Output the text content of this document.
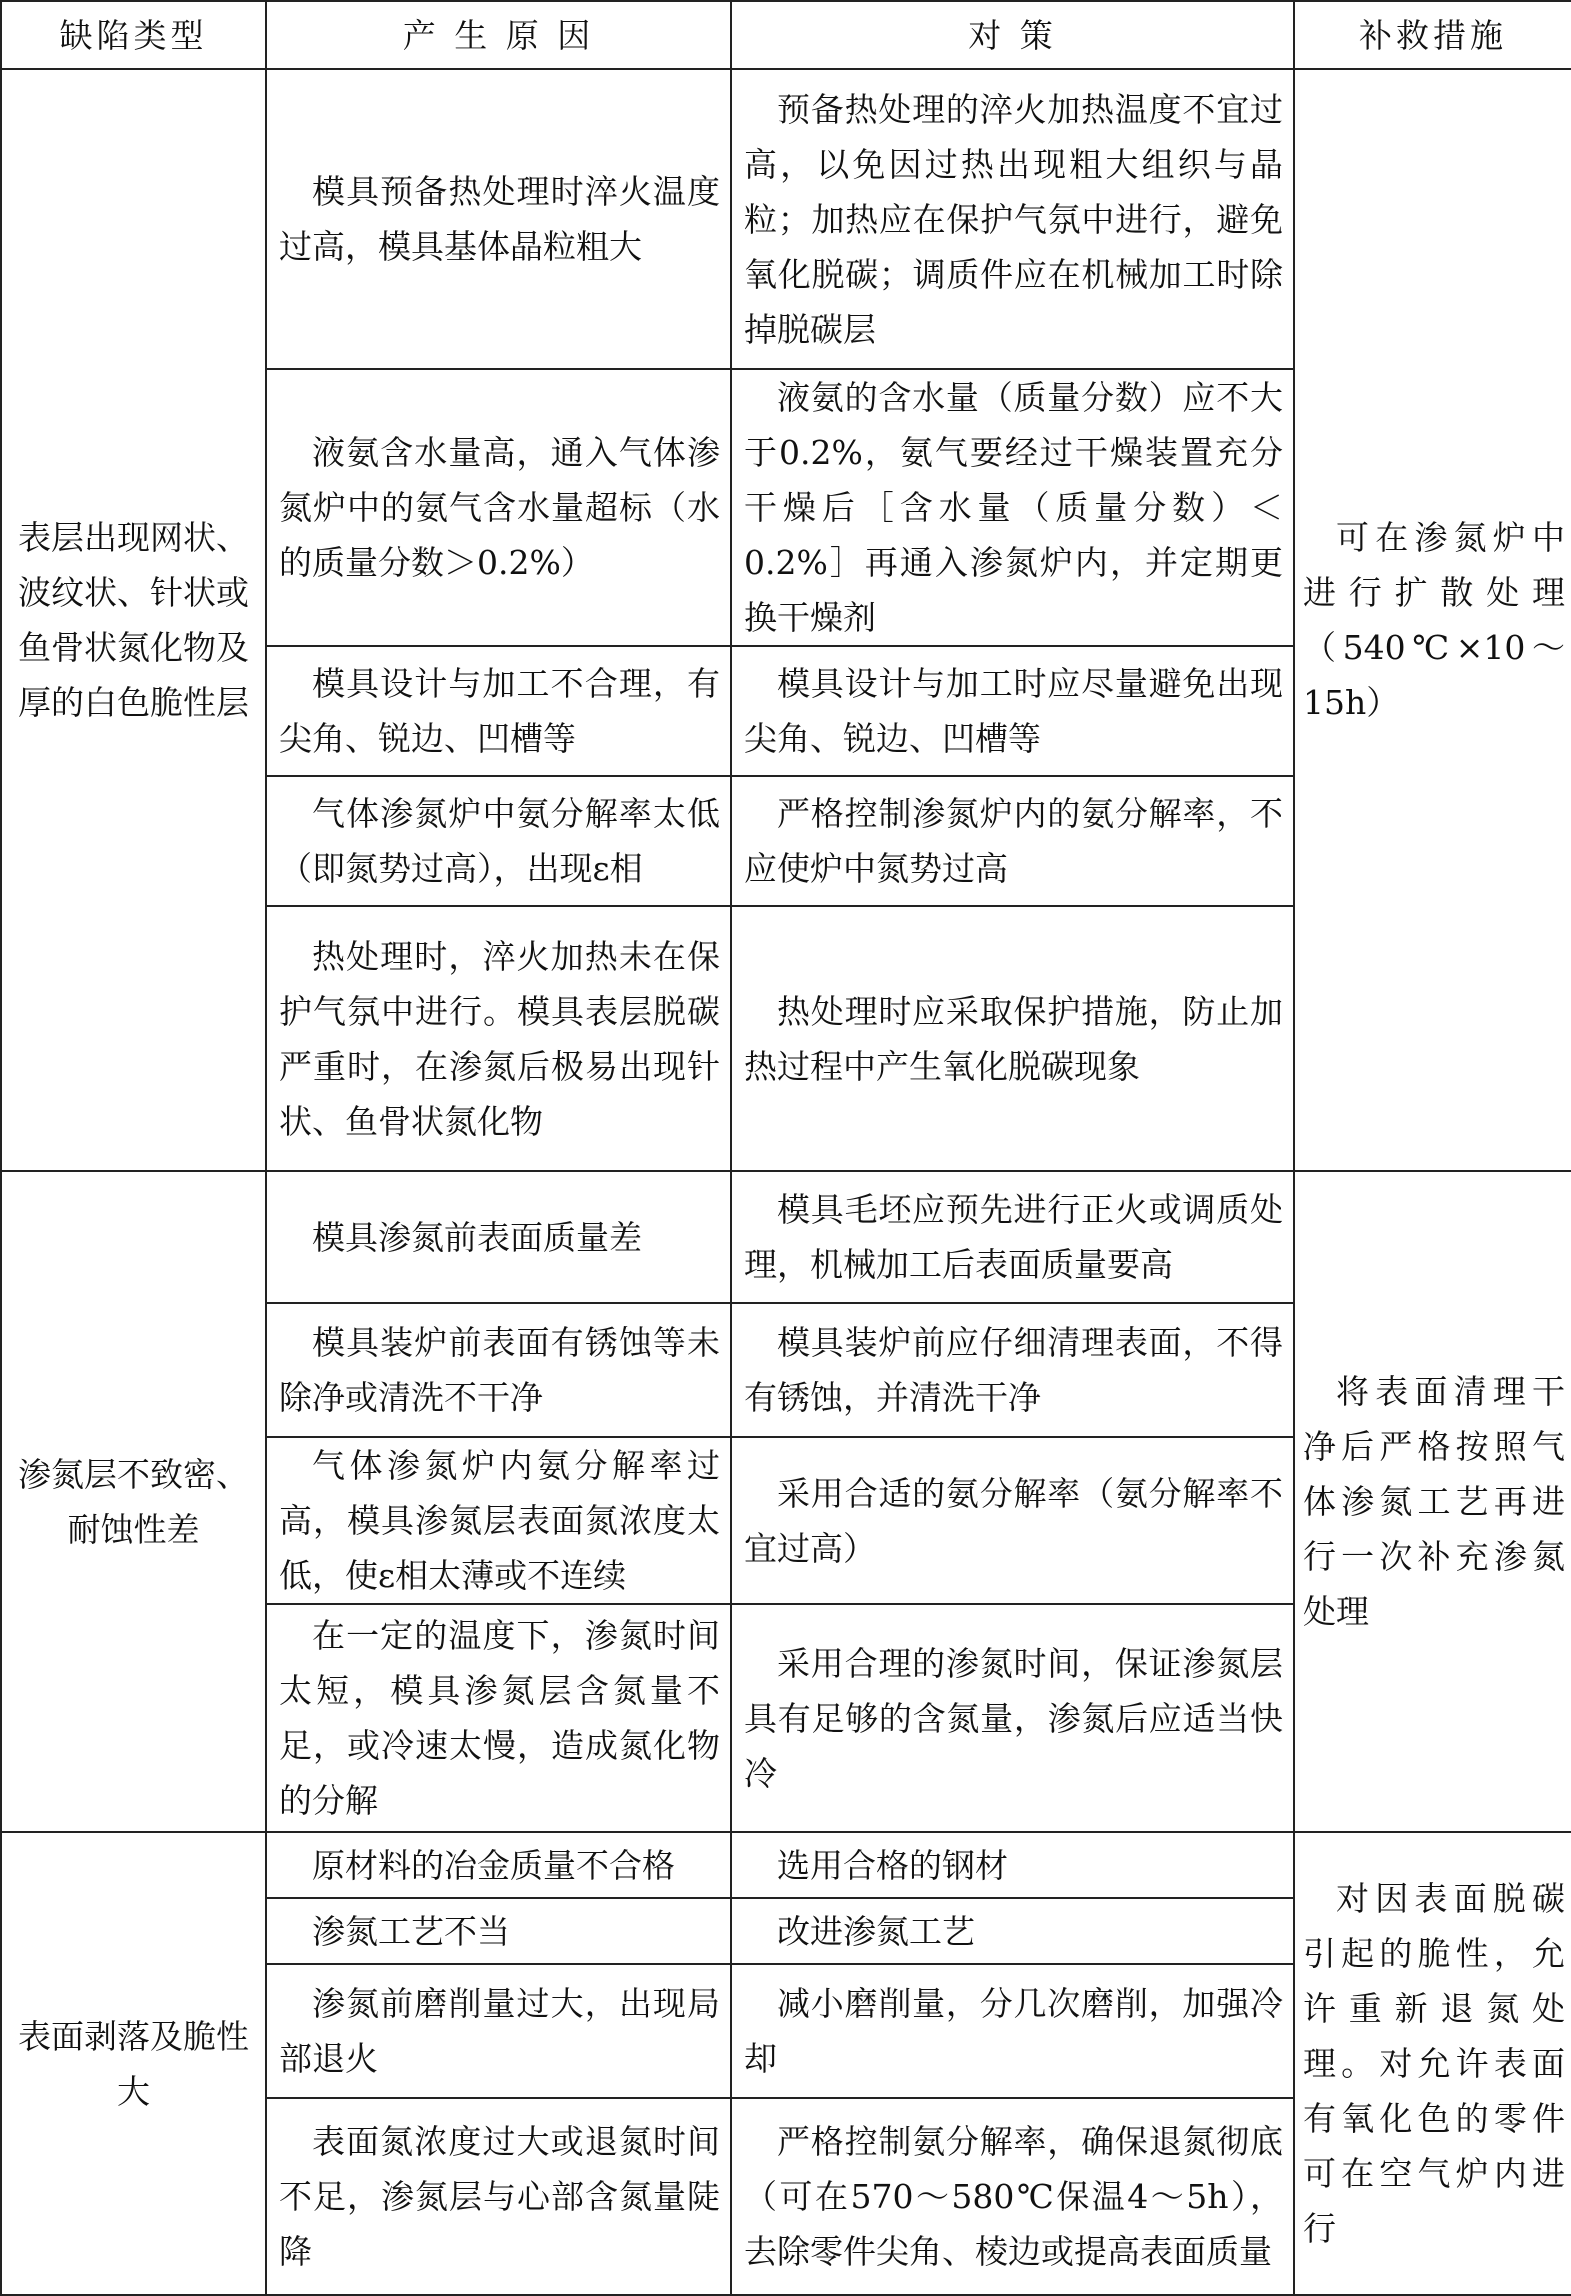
缺陷类型	产 生 原 因	对 策	补救措施
表层出现网状、波纹状、针状或鱼骨状氮化物及厚的白色脆性层	模具预备热处理时淬火温度过高，模具基体晶粒粗大	预备热处理的淬火加热温度不宜过高，以免因过热出现粗大组织与晶粒；加热应在保护气氛中进行，避免氧化脱碳；调质件应在机械加工时除掉脱碳层	可在渗氮炉中进行扩散处理（540℃×10～15h）
	液氨含水量高，通入气体渗氮炉中的氨气含水量超标（水的质量分数＞0.2%）	液氨的含水量（质量分数）应不大于0.2%，氨气要经过干燥装置充分干燥后［含水量（质量分数）＜0.2%］再通入渗氮炉内，并定期更换干燥剂	
	模具设计与加工不合理，有尖角、锐边、凹槽等	模具设计与加工时应尽量避免出现尖角、锐边、凹槽等	
	气体渗氮炉中氨分解率太低（即氮势过高），出现ε相	严格控制渗氮炉内的氨分解率，不应使炉中氮势过高	
	热处理时，淬火加热未在保护气氛中进行。模具表层脱碳严重时，在渗氮后极易出现针状、鱼骨状氮化物	热处理时应采取保护措施，防止加热过程中产生氧化脱碳现象	
渗氮层不致密、耐蚀性差	模具渗氮前表面质量差	模具毛坯应预先进行正火或调质处理，机械加工后表面质量要高	将表面清理干净后严格按照气体渗氮工艺再进行一次补充渗氮处理
	模具装炉前表面有锈蚀等未除净或清洗不干净	模具装炉前应仔细清理表面，不得有锈蚀，并清洗干净	
	气体渗氮炉内氨分解率过高，模具渗氮层表面氮浓度太低，使ε相太薄或不连续	采用合适的氨分解率（氨分解率不宜过高）	
	在一定的温度下，渗氮时间太短，模具渗氮层含氮量不足，或冷速太慢，造成氮化物的分解	采用合理的渗氮时间，保证渗氮层具有足够的含氮量，渗氮后应适当快冷	
表面剥落及脆性大	原材料的冶金质量不合格	选用合格的钢材	对因表面脱碳引起的脆性，允许重新退氮处理。对允许表面有氧化色的零件可在空气炉内进行
	渗氮工艺不当	改进渗氮工艺	
	渗氮前磨削量过大，出现局部退火	减小磨削量，分几次磨削，加强冷却	
	表面氮浓度过大或退氮时间不足，渗氮层与心部含氮量陡降	严格控制氨分解率，确保退氮彻底（可在570～580℃保温4～5h），去除零件尖角、棱边或提高表面质量	
